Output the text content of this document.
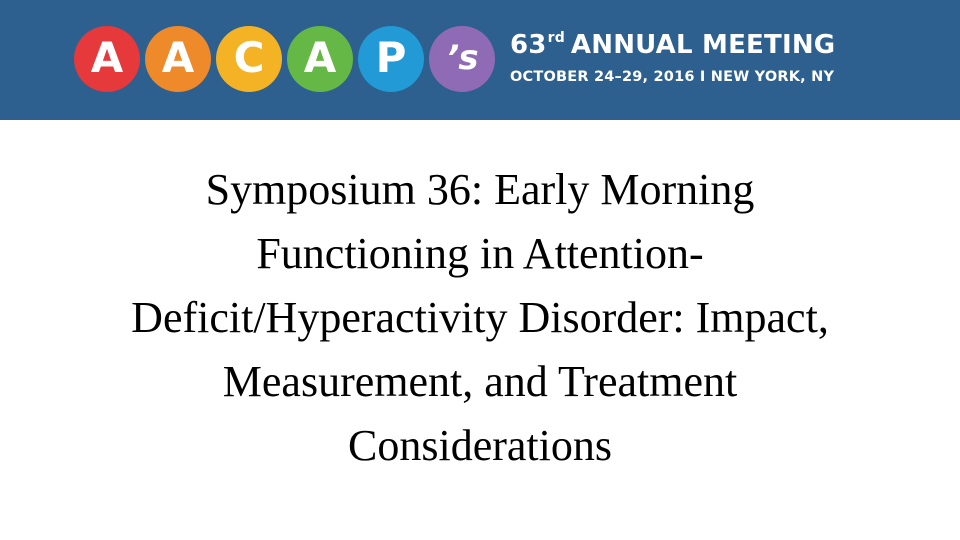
A A C A P ’s 63rd ANNUAL MEETING
OCTOBER 24–29, 2016 I NEW YORK, NY
Symposium 36: Early Morning
Functioning in Attention-
Deficit/Hyperactivity Disorder: Impact,
Measurement, and Treatment
Considerations
